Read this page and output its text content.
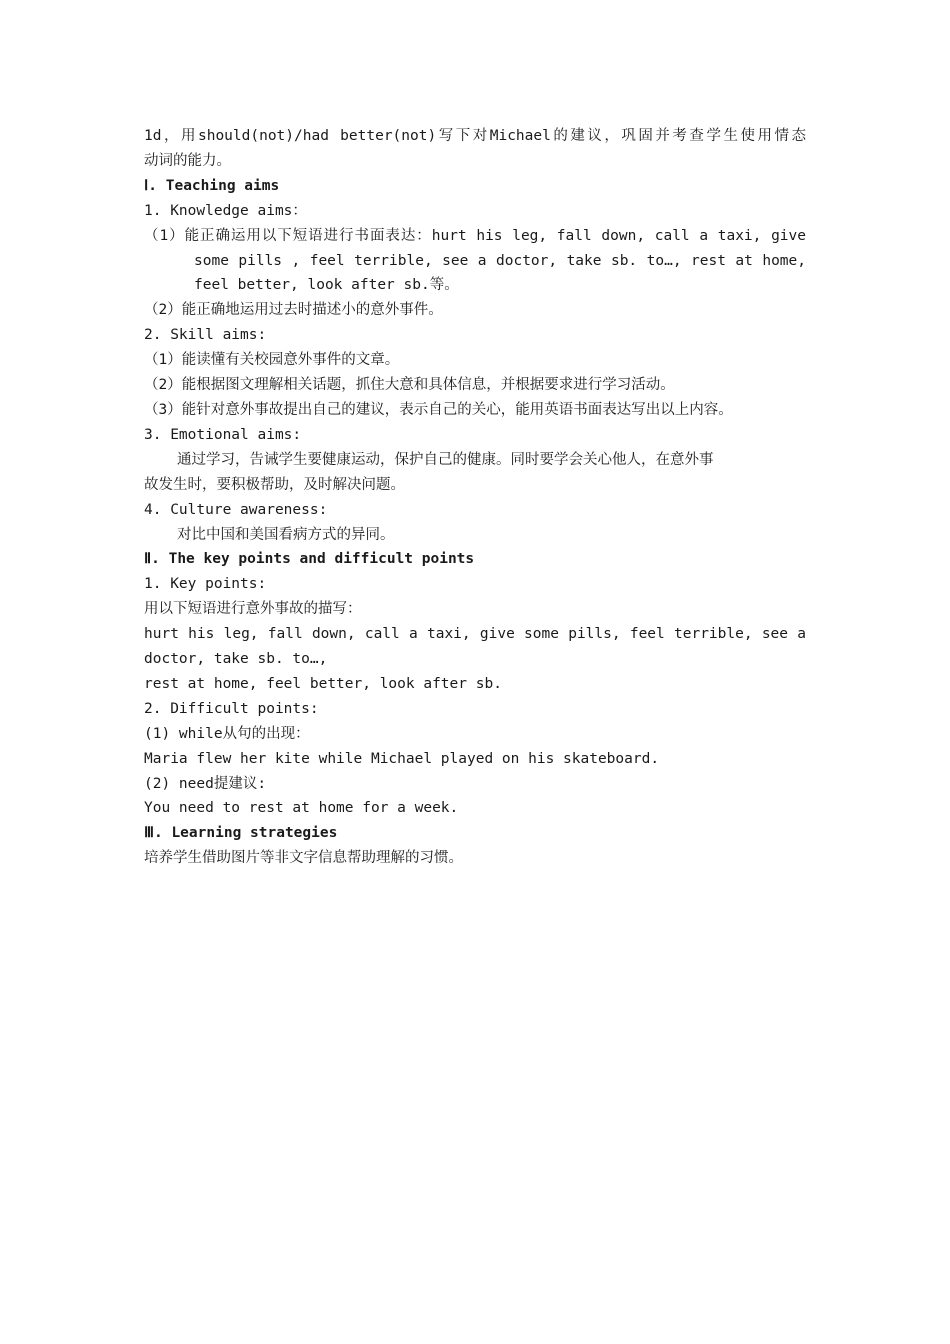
1d，用should(not)/had better(not)写下对Michael的建议，巩固并考查学生使用情态
动词的能力。
Ⅰ. Teaching aims
1. Knowledge aims：
（1）能正确运用以下短语进行书面表达：hurt his leg, fall down, call a taxi, give
some pills , feel terrible, see a doctor, take sb. to…, rest at home,
feel better, look after sb.等。
（2）能正确地运用过去时描述小的意外事件。
2. Skill aims:
（1）能读懂有关校园意外事件的文章。
（2）能根据图文理解相关话题，抓住大意和具体信息，并根据要求进行学习活动。
（3）能针对意外事故提出自己的建议，表示自己的关心，能用英语书面表达写出以上内容。
3. Emotional aims:
通过学习，告诫学生要健康运动，保护自己的健康。同时要学会关心他人，在意外事
故发生时，要积极帮助，及时解决问题。
4. Culture awareness:
对比中国和美国看病方式的异同。
Ⅱ. The key points and difficult points
1. Key points:
用以下短语进行意外事故的描写：
hurt his leg, fall down, call a taxi, give some pills, feel terrible, see a
doctor, take sb. to…,
rest at home, feel better, look after sb.
2. Difficult points:
(1) while从句的出现：
Maria flew her kite while Michael played on his skateboard.
(2) need提建议:
You need to rest at home for a week.
Ⅲ. Learning strategies
培养学生借助图片等非文字信息帮助理解的习惯。
